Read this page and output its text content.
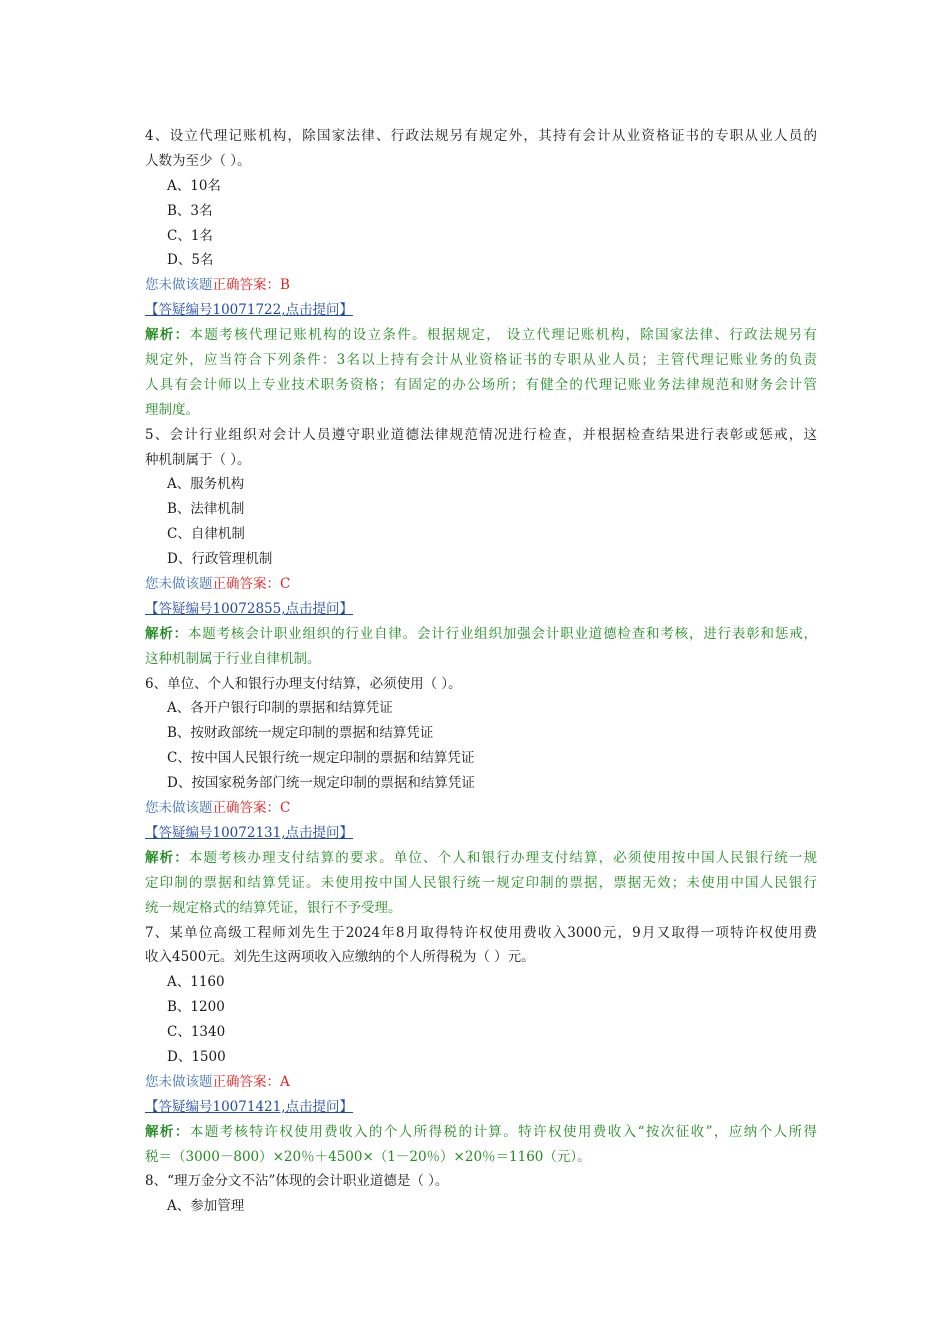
4、设立代理记账机构，除国家法律、行政法规另有规定外，其持有会计从业资格证书的专职从业人员的
人数为至少（ ）。
A、10名
B、3名
C、1名
D、5名
您未做该题正确答案：B
【答疑编号10071722,点击提问】
解析：本题考核代理记账机构的设立条件。根据规定， 设立代理记账机构，除国家法律、行政法规另有
规定外，应当符合下列条件：3名以上持有会计从业资格证书的专职从业人员；主管代理记账业务的负责
人具有会计师以上专业技术职务资格；有固定的办公场所；有健全的代理记账业务法律规范和财务会计管
理制度。
5、会计行业组织对会计人员遵守职业道德法律规范情况进行检查，并根据检查结果进行表彰或惩戒，这
种机制属于（ ）。
A、服务机构
B、法律机制
C、自律机制
D、行政管理机制
您未做该题正确答案：C
【答疑编号10072855,点击提问】
解析：本题考核会计职业组织的行业自律。会计行业组织加强会计职业道德检查和考核，进行表彰和惩戒，
这种机制属于行业自律机制。
6、单位、个人和银行办理支付结算，必须使用（ ）。
A、各开户银行印制的票据和结算凭证
B、按财政部统一规定印制的票据和结算凭证
C、按中国人民银行统一规定印制的票据和结算凭证
D、按国家税务部门统一规定印制的票据和结算凭证
您未做该题正确答案：C
【答疑编号10072131,点击提问】
解析：本题考核办理支付结算的要求。单位、个人和银行办理支付结算，必须使用按中国人民银行统一规
定印制的票据和结算凭证。未使用按中国人民银行统一规定印制的票据，票据无效；未使用中国人民银行
统一规定格式的结算凭证，银行不予受理。
7、某单位高级工程师刘先生于2024年8月取得特许权使用费收入3000元，9月又取得一项特许权使用费
收入4500元。刘先生这两项收入应缴纳的个人所得税为（ ）元。
A、1160
B、1200
C、1340
D、1500
您未做该题正确答案：A
【答疑编号10071421,点击提问】
解析：本题考核特许权使用费收入的个人所得税的计算。特许权使用费收入“按次征收”，应纳个人所得
税＝（3000－800）×20％＋4500×（1－20％）×20％＝1160（元）。
8、“理万金分文不沾”体现的会计职业道德是（ ）。
A、参加管理
